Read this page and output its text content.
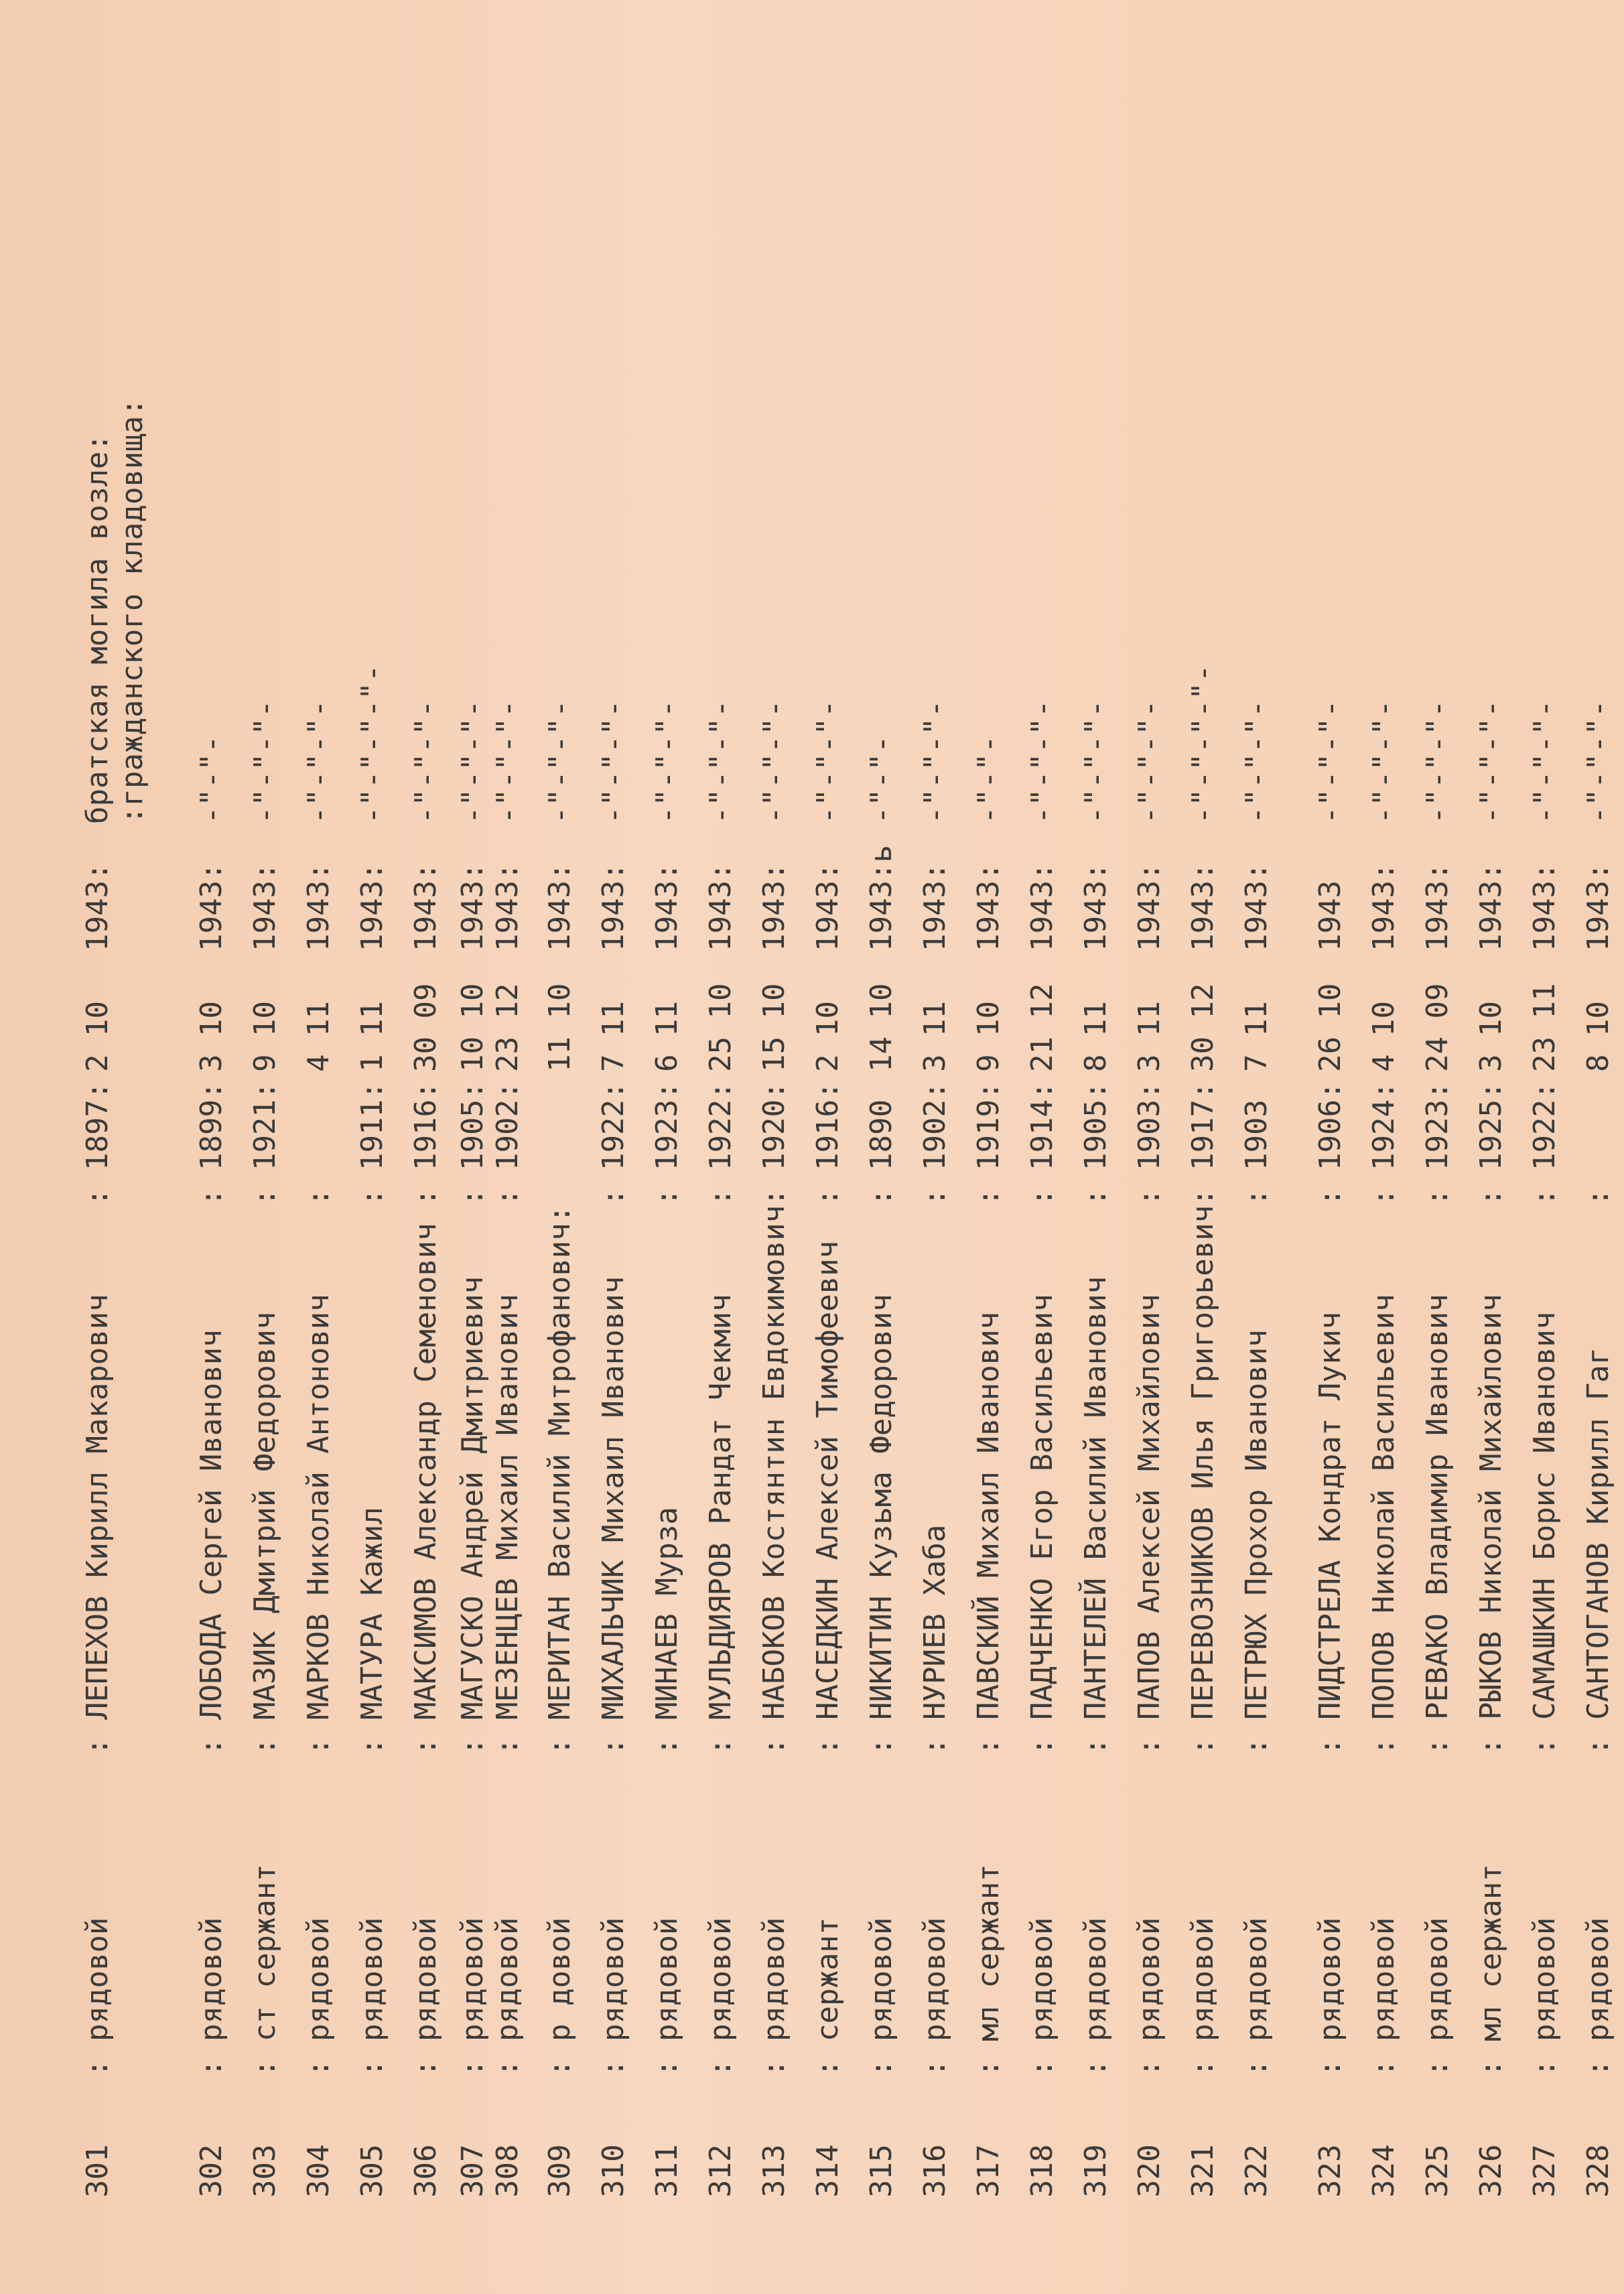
301
: рядовой
: ЛЕПЕХОВ Кирилл Макарович
: 1897:
2 10
1943:
братская могила возле: :гражданского кладовища:
302
: рядовой
: ЛОБОДА Сергей Иванович
: 1899:
3 10
1943:
-"-"-
303
: ст сержант
: МАЗИК Дмитрий Федорович
: 1921:
9 10
1943:
-"-"-"-
304
: рядовой
: МАРКОВ Николай Антонович
:
4 11
1943:
-"-"-"-
305
: рядовой
: МАТУРА Кажил
: 1911:
1 11
1943:
-"-"-"-"-
306
: рядовой
: МАКСИМОВ Александр Семенович
: 1916:
30 09
1943:
-"-"-"-
307
: рядовой
: МАГУСКО Андрей Дмитриевич
: 1905:
10 10
1943:
-"-"-"-
308
: рядовой
: МЕЗЕНЦЕВ Михаил Иванович
: 1902:
23 12
1943:
-"-"-"-
309
: р довой
: МЕРИТАН Василий Митрофанович:
11 10
1943:
-"-"-"-
310
: рядовой
: МИХАЛЬЧИК Михаил Иванович
: 1922:
7 11
1943:
-"-"-"-
311
: рядовой
: МИНАЕВ Мурза
: 1923:
6 11
1943:
-"-"-"-
312
: рядовой
: МУЛЬДИЯРОВ Рандат Чекмич
: 1922:
25 10
1943:
-"-"-"-
313
: рядовой
: НАБОКОВ Костянтин Евдокимович
: 1920:
15 10
1943:
-"-"-"-
314
: сержант
: НАСЕДКИН Алексей Тимофеевич
: 1916:
2 10
1943:
-"-"-"-
315
: рядовой
: НИКИТИН Кузьма Федорович
: 1890
14 10
1943:ь
-"-"-
316
: рядовой
: НУРИЕВ Хаба
: 1902:
3 11
1943:
-"-"-"-
317
: мл сержант
: ПАВСКИЙ Михаил Иванович
: 1919:
9 10
1943:
-"-"-
318
: рядовой
: ПАДЧЕНКО Егор Васильевич
: 1914:
21 12
1943:
-"-"-"-
319
: рядовой
: ПАНТЕЛЕЙ Василий Иванович
: 1905:
8 11
1943:
-"-"-"-
320
: рядовой
: ПАПОВ Алексей Михайлович
: 1903:
3 11
1943:
-"-"-"-
321
: рядовой
: ПЕРЕВОЗНИКОВ Илья Григорьевич
: 1917:
30 12
1943:
-"-"-"-"-
322
: рядовой
: ПЕТРЮХ Прохор Иванович
: 1903
7 11
1943:
-"-"-"-
323
: рядовой
: ПИДСТРЕЛА Кондрат Лукич
: 1906:
26 10
1943
-"-"-"-
324
: рядовой
: ПОПОВ Николай Васильевич
: 1924:
4 10
1943:
-"-"-"-
325
: рядовой
: РЕВАКО Владимир Иванович
: 1923:
24 09
1943:
-"-"-"-
326
: мл сержант
: РЫКОВ Николай Михайлович
: 1925:
3 10
1943:
-"-"-"-
327
: рядовой
: САМАШКИН Борис Иванович
: 1922:
23 11
1943:
-"-"-"-
328
: рядовой
: САНТОГАНОВ Кирилл Гаг
:
8 10
1943:
-"-"-"-
